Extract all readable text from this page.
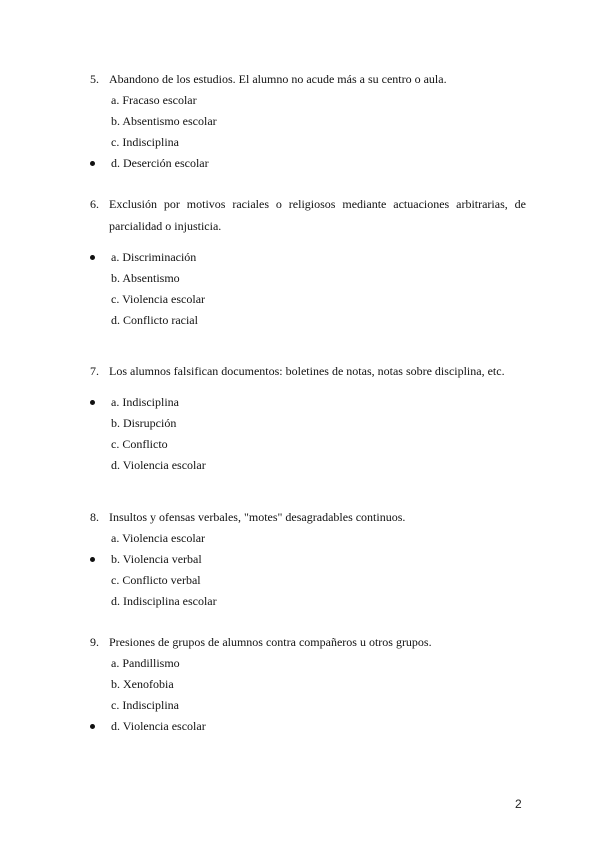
5. Abandono de los estudios. El alumno no acude más a su centro o aula.
a. Fracaso escolar
b. Absentismo escolar
c. Indisciplina
d. Deserción escolar
6. Exclusión por motivos raciales o religiosos mediante actuaciones arbitrarias, de parcialidad o injusticia.
a. Discriminación
b. Absentismo
c. Violencia escolar
d. Conflicto racial
7. Los alumnos falsifican documentos: boletines de notas, notas sobre disciplina, etc.
a. Indisciplina
b. Disrupción
c. Conflicto
d. Violencia escolar
8. Insultos y ofensas verbales, "motes" desagradables continuos.
a. Violencia escolar
b. Violencia verbal
c. Conflicto verbal
d. Indisciplina escolar
9. Presiones de grupos de alumnos contra compañeros u otros grupos.
a. Pandillismo
b. Xenofobia
c. Indisciplina
d. Violencia escolar
2
